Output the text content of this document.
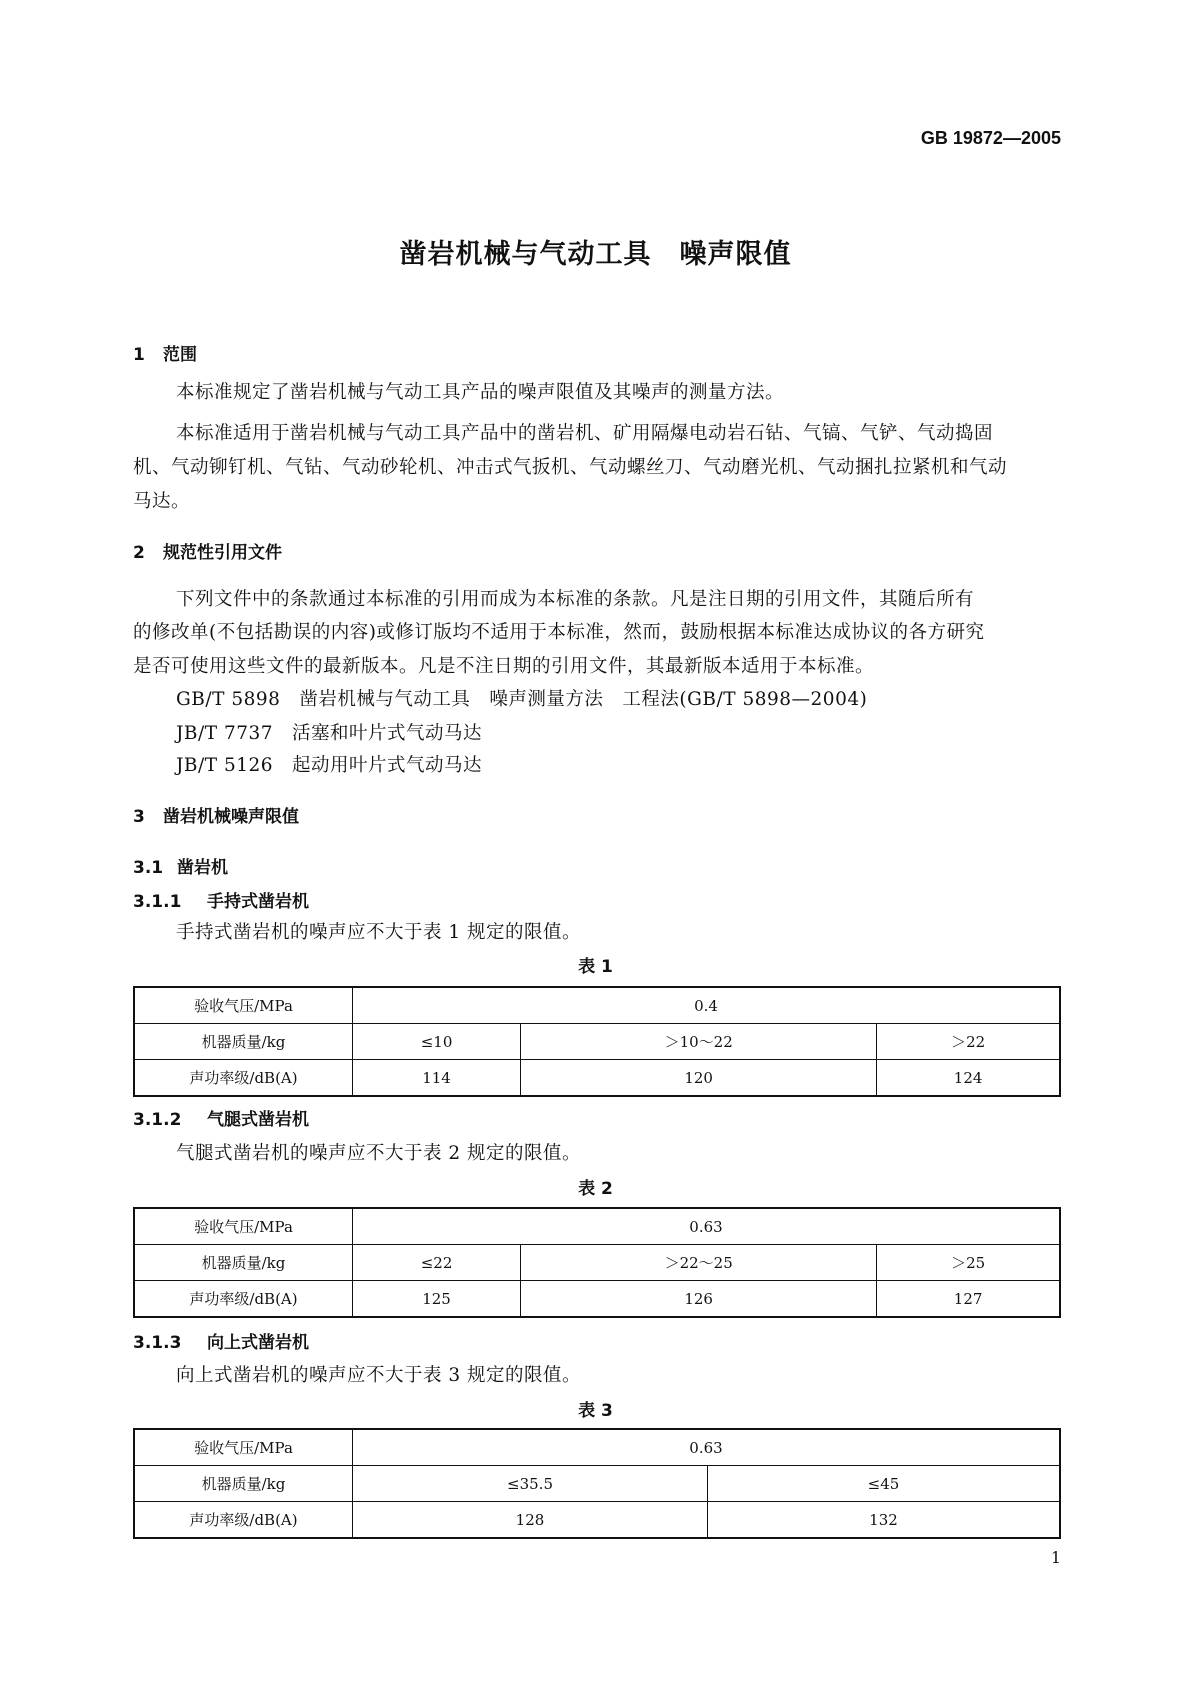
GB 19872—2005
凿岩机械与气动工具　噪声限值
1 范围
本标准规定了凿岩机械与气动工具产品的噪声限值及其噪声的测量方法。
本标准适用于凿岩机械与气动工具产品中的凿岩机、矿用隔爆电动岩石钻、气镐、气铲、气动捣固
机、气动铆钉机、气钻、气动砂轮机、冲击式气扳机、气动螺丝刀、气动磨光机、气动捆扎拉紧机和气动
马达。
2 规范性引用文件
下列文件中的条款通过本标准的引用而成为本标准的条款。凡是注日期的引用文件，其随后所有
的修改单(不包括勘误的内容)或修订版均不适用于本标准，然而，鼓励根据本标准达成协议的各方研究
是否可使用这些文件的最新版本。凡是不注日期的引用文件，其最新版本适用于本标准。
GB/T 5898　凿岩机械与气动工具　噪声测量方法　工程法(GB/T 5898—2004)
JB/T 7737　活塞和叶片式气动马达
JB/T 5126　起动用叶片式气动马达
3 凿岩机械噪声限值
3.1 凿岩机
3.1.1 手持式凿岩机
手持式凿岩机的噪声应不大于表 1 规定的限值。
表 1
验收气压/MPa	0.4		
机器质量/kg	≤10	＞10～22	＞22
声功率级/dB(A)	114	120	124
3.1.2 气腿式凿岩机
气腿式凿岩机的噪声应不大于表 2 规定的限值。
表 2
验收气压/MPa	0.63		
机器质量/kg	≤22	＞22～25	＞25
声功率级/dB(A)	125	126	127
3.1.3 向上式凿岩机
向上式凿岩机的噪声应不大于表 3 规定的限值。
表 3
验收气压/MPa	0.63	
机器质量/kg	≤35.5	≤45
声功率级/dB(A)	128	132
1
